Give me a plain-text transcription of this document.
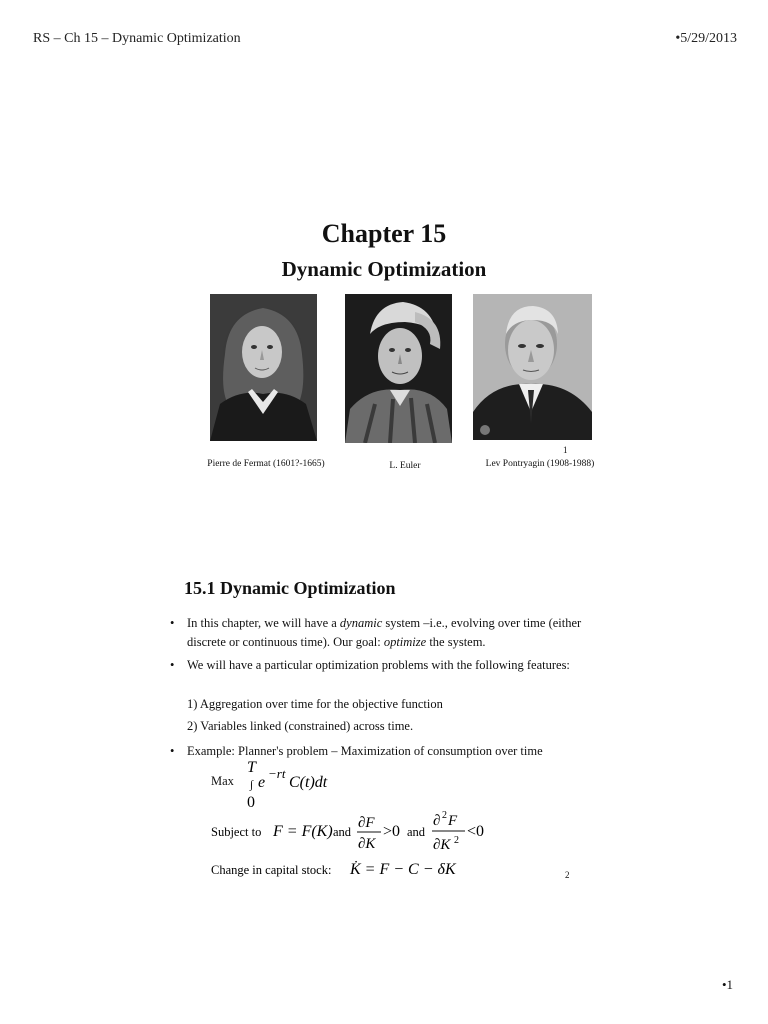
RS – Ch 15 – Dynamic Optimization	•5/29/2013
Chapter 15
Dynamic Optimization
1
Pierre de Fermat (1601?-1665)	L. Euler	Lev Pontryagin (1908-1988)
15.1 Dynamic Optimization
• In this chapter, we will have a dynamic system –i.e., evolving over time (either discrete or continuous time). Our goal: optimize the system.
• We will have a particular optimization problems with the following features:
1) Aggregation over time for the objective function
2) Variables linked (constrained) across time.
• Example: Planner's problem – Maximization of consumption over time
Max
T
∫ e
−rt
C(t)dt
0
Subject to F = F(K) and
∂F
∂K
>0 and
∂ 2 F
∂K 2
<0
Change in capital stock: K̇ = F − C − δK	2
•1
